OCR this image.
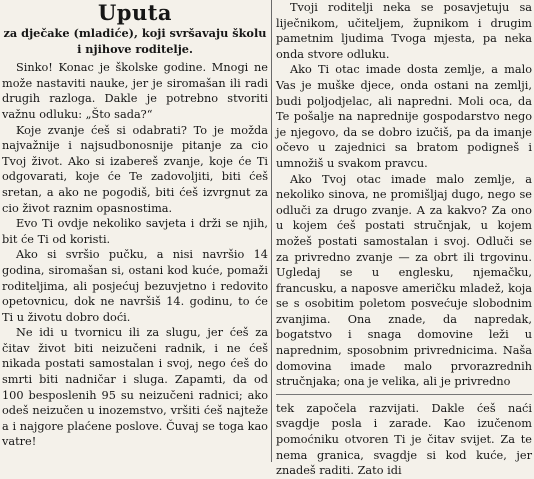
Uputa
za dječake (mladiće), koji svršavaju školu i njihove roditelje.

Sinko! Konac je školske godine. Mnogi ne može nastaviti nauke, jer je siromašan ili radi drugih razloga. Dakle je potrebno stvoriti važnu odluku: „Što sada?“

Koje zvanje ćeš si odabrati? To je možda najvažnije i najsudbonosnije pitanje za cio Tvoj život. Ako si izabereš zvanje, koje će Ti odgovarati, koje će Te zadovoljiti, biti ćeš sretan, a ako ne pogodiš, biti ćeš izvrgnut za cio život raznim opasnostima.

Evo Ti ovdje nekoliko savjeta i drži se njih, bit će Ti od koristi.

Ako si svršio pučku, a nisi navršio 14 godina, siromašan si, ostani kod kuće, pomaži roditeljima, ali posjećuj bezuvjetno i redovito opetovnicu, dok ne navršiš 14. godinu, to će Ti u životu dobro doći.

Ne idi u tvornicu ili za slugu, jer ćeš za čitav život biti neizučeni radnik, i ne ćeš nikada postati samostalan i svoj, nego ćeš do smrti biti nadničar i sluga. Zapamti, da od 100 besposlenih 95 su neizučeni radnici; ako odeš neizučen u inozemstvo, vršiti ćeš najteže a i najgore plaćene poslove. Čuvaj se toga kao vatre!

Tvoji roditelji neka se posavjetuju sa liječnikom, učiteljem, župnikom i drugim pametnim ljudima Tvoga mjesta, pa neka onda stvore odluku.

Ako Ti otac imade dosta zemlje, a malo Vas je muške djece, onda ostani na zemlji, budi poljodjelac, ali napredni. Moli oca, da Te pošalje na naprednije gospodarstvo nego je njegovo, da se dobro izučiš, pa da imanje očevo u zajednici sa bratom podigneš i umnožiš u svakom pravcu.

Ako Tvoj otac imade malo zemlje, a nekoliko sinova, ne promišljaj dugo, nego se odluči za drugo zvanje. A za kakvo? Za ono u kojem ćeš postati stručnjak, u kojem možeš postati samostalan i svoj. Odluči se za privredno zvanje — za obrt ili trgovinu. Ugledaj se u englesku, njemačku, francusku, a naposve američku mladež, koja se s osobitim poletom posvećuje slobodnim zvanjima. Ona znade, da napredak, bogatstvo i snaga domovine leži u naprednim, sposobnim privrednicima. Naša domovina imade malo prvorazrednih stručnjaka; ona je velika, ali je privredno

tek započela razvijati. Dakle ćeš naći svagdje posla i zarade. Kao izučenom pomoćniku otvoren Ti je čitav svijet. Za te nema granica, svagdje si kod kuće, jer znadeš raditi. Zato idi
